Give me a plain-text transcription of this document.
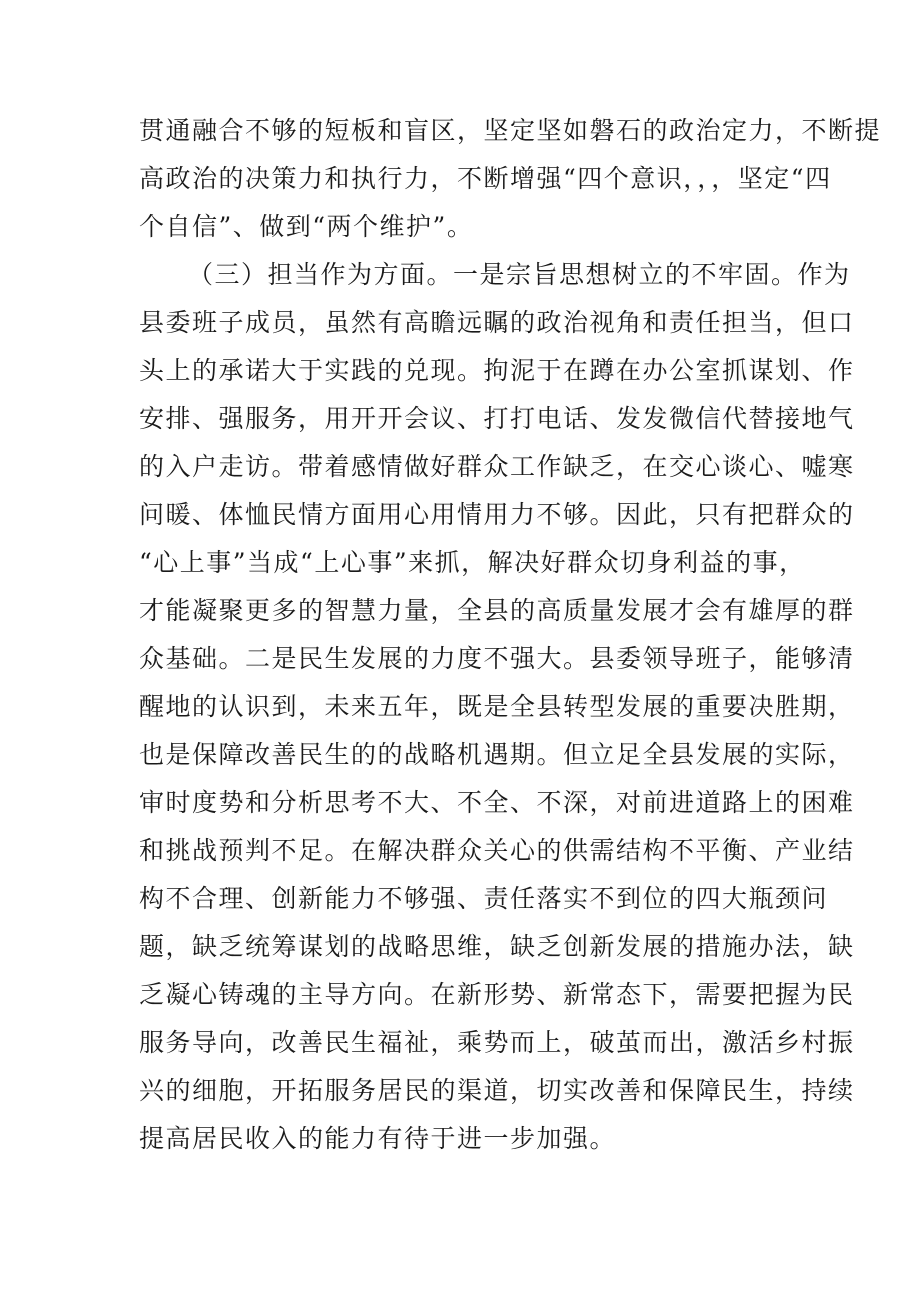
贯通融合不够的短板和盲区，坚定坚如磐石的政治定力，不断提
高政治的决策力和执行力，不断增强“四个意识，，，坚定“四
个自信”、做到“两个维护”。
（三）担当作为方面。一是宗旨思想树立的不牢固。作为
县委班子成员，虽然有高瞻远瞩的政治视角和责任担当，但口
头上的承诺大于实践的兑现。拘泥于在蹲在办公室抓谋划、作
安排、强服务，用开开会议、打打电话、发发微信代替接地气
的入户走访。带着感情做好群众工作缺乏，在交心谈心、嘘寒
问暖、体恤民情方面用心用情用力不够。因此，只有把群众的
“心上事”当成“上心事”来抓，解决好群众切身利益的事，
才能凝聚更多的智慧力量，全县的高质量发展才会有雄厚的群
众基础。二是民生发展的力度不强大。县委领导班子，能够清
醒地的认识到，未来五年，既是全县转型发展的重要决胜期，
也是保障改善民生的的战略机遇期。但立足全县发展的实际，
审时度势和分析思考不大、不全、不深，对前进道路上的困难
和挑战预判不足。在解决群众关心的供需结构不平衡、产业结
构不合理、创新能力不够强、责任落实不到位的四大瓶颈问
题，缺乏统筹谋划的战略思维，缺乏创新发展的措施办法，缺
乏凝心铸魂的主导方向。在新形势、新常态下，需要把握为民
服务导向，改善民生福祉，乘势而上，破茧而出，激活乡村振
兴的细胞，开拓服务居民的渠道，切实改善和保障民生，持续
提高居民收入的能力有待于进一步加强。
